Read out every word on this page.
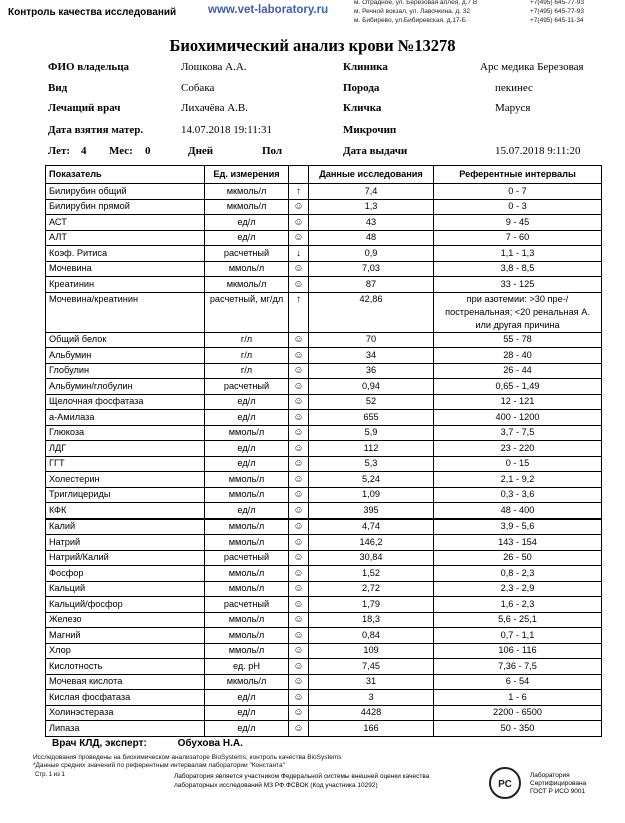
Контроль качества исследований	www.vet-laboratory.ru
м. Отрадное, ул. Березовая аллея, д.7 В
м. Речной вокзал, ул. Лавочкина, д. 32
м. Бибирево, ул.Бибиревская, д.17-Б
+7(495) 645-77-93
+7(495) 645-77-93
+7(495) 645-11-34
Биохимический анализ крови №13278
ФИО владельца	Лошкова А.А.	Клиника	Арс медика Березовая
Вид	Собака	Порода	пекинес
Лечащий врач	Лихачёва А.В.	Кличка	Маруся
Дата взятия матер.	14.07.2018 19:11:31	Микрочип
Лет: 4 Мес: 0	Дней	Пол	Дата выдачи	15.07.2018 9:11:20
Показатель	Ед. измерения		Данные исследования	Референтные интервалы
Билирубин общий	мкмоль/л	↑	7,4	0 - 7
Билирубин прямой	мкмоль/л	☺	1,3	0 - 3
АСТ	ед/л	☺	43	9 - 45
АЛТ	ед/л	☺	48	7 - 60
Коэф. Ритиса	расчетный	↓	0,9	1,1 - 1,3
Мочевина	ммоль/л	☺	7,03	3,8 - 8,5
Креатинин	мкмоль/л	☺	87	33 - 125
Мочевина/креатинин	расчетный, мг/дл	↑	42,86	при азотемии: >30 пре-/постренальная; <20 ренальная А. или другая причина
Общий белок	г/л	☺	70	55 - 78
Альбумин	г/л	☺	34	28 - 40
Глобулин	г/л	☺	36	26 - 44
Альбумин/глобулин	расчетный	☺	0,94	0,65 - 1,49
Щелочная фосфатаза	ед/л	☺	52	12 - 121
а-Амилаза	ед/л	☺	655	400 - 1200
Глюкоза	ммоль/л	☺	5,9	3,7 - 7,5
ЛДГ	ед/л	☺	112	23 - 220
ГГТ	ед/л	☺	5,3	0 - 15
Холестерин	ммоль/л	☺	5,24	2,1 - 9,2
Триглицериды	ммоль/л	☺	1,09	0,3 - 3,6
КФК	ед/л	☺	395	48 - 400
Калий	ммоль/л	☺	4,74	3,9 - 5,6
Натрий	ммоль/л	☺	146,2	143 - 154
Натрий/Калий	расчетный	☺	30,84	26 - 50
Фосфор	ммоль/л	☺	1,52	0,8 - 2,3
Кальций	ммоль/л	☺	2,72	2,3 - 2,9
Кальций/фосфор	расчетный	☺	1,79	1,6 - 2,3
Железо	ммоль/л	☺	18,3	5,6 - 25,1
Магний	ммоль/л	☺	0,84	0,7 - 1,1
Хлор	ммоль/л	☺	109	106 - 116
Кислотность	ед. pH	☺	7,45	7,36 - 7,5
Мочевая кислота	мкмоль/л	☺	31	6 - 54
Кислая фосфатаза	ед/л	☺	3	1 - 6
Холинэстераза	ед/л	☺	4428	2200 - 6500
Липаза	ед/л	☺	166	50 - 350
Врач КЛД, эксперт:	Обухова Н.А.
Исследования проведены на биохимическом анализаторе BioSystems; контроль качества BioSystems
*Данные средних значений по референтным интервалам лаборатории "Константа"
Стр. 1 из 1	Лаборатория является участником Федеральной системы внешней оценки качества лабораторных исследований МЗ РФ ФСВОК (Код участника 10292)	РС
Лаборатория
Сертифицирована
ГОСТ Р ИСО 9001
